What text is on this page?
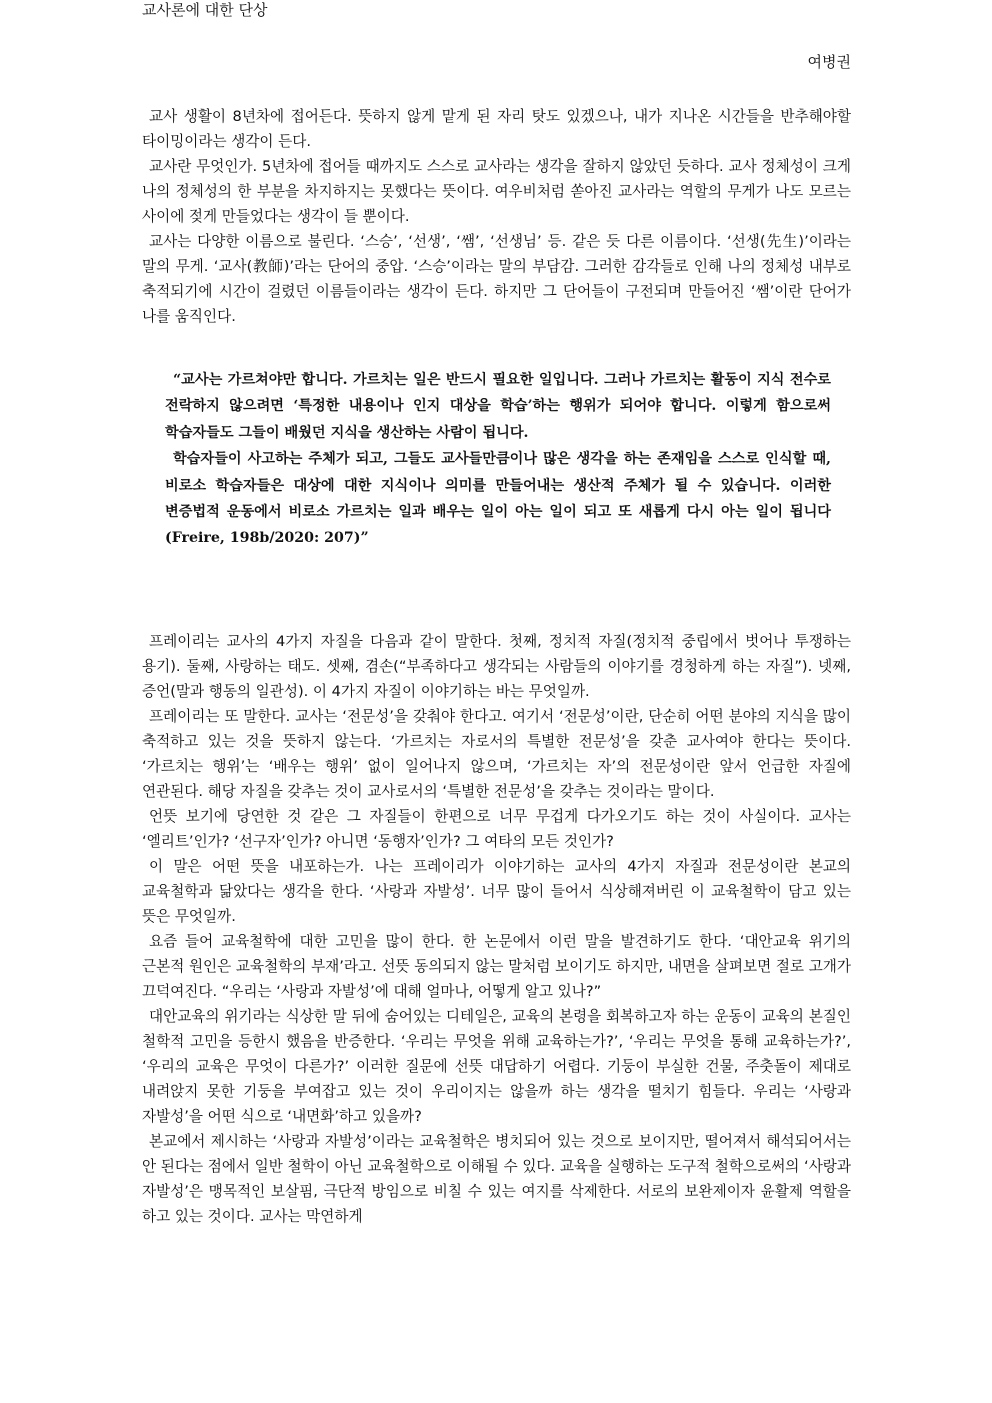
교사론에 대한 단상
여병권

교사 생활이 8년차에 접어든다. 뜻하지 않게 맡게 된 자리 탓도 있겠으나, 내가 지나온 시간들을 반추해야할 타이밍이라는 생각이 든다.

교사란 무엇인가. 5년차에 접어들 때까지도 스스로 교사라는 생각을 잘하지 않았던 듯하다. 교사 정체성이 크게 나의 정체성의 한 부분을 차지하지는 못했다는 뜻이다. 여우비처럼 쏟아진 교사라는 역할의 무게가 나도 모르는 사이에 젖게 만들었다는 생각이 들 뿐이다.

교사는 다양한 이름으로 불린다. ‘스승’, ‘선생’, ‘쌤’, ‘선생님’ 등. 같은 듯 다른 이름이다. ‘선생(先生)’이라는 말의 무게. ‘교사(教師)’라는 단어의 중압. ‘스승’이라는 말의 부담감. 그러한 감각들로 인해 나의 정체성 내부로 축적되기에 시간이 걸렸던 이름들이라는 생각이 든다. 하지만 그 단어들이 구전되며 만들어진 ‘쌤’이란 단어가 나를 움직인다.

“교사는 가르쳐야만 합니다. 가르치는 일은 반드시 필요한 일입니다. 그러나 가르치는 활동이 지식 전수로 전락하지 않으려면 ‘특정한 내용이나 인지 대상을 학습’하는 행위가 되어야 합니다. 이렇게 함으로써 학습자들도 그들이 배웠던 지식을 생산하는 사람이 됩니다.

학습자들이 사고하는 주체가 되고, 그들도 교사들만큼이나 많은 생각을 하는 존재임을 스스로 인식할 때, 비로소 학습자들은 대상에 대한 지식이나 의미를 만들어내는 생산적 주체가 될 수 있습니다. 이러한 변증법적 운동에서 비로소 가르치는 일과 배우는 일이 아는 일이 되고 또 새롭게 다시 아는 일이 됩니다(Freire, 198b/2020: 207)”

프레이리는 교사의 4가지 자질을 다음과 같이 말한다. 첫째, 정치적 자질(정치적 중립에서 벗어나 투쟁하는 용기). 둘째, 사랑하는 태도. 셋째, 겸손(“부족하다고 생각되는 사람들의 이야기를 경청하게 하는 자질”). 넷째, 증언(말과 행동의 일관성). 이 4가지 자질이 이야기하는 바는 무엇일까.

프레이리는 또 말한다. 교사는 ‘전문성’을 갖춰야 한다고. 여기서 ‘전문성’이란, 단순히 어떤 분야의 지식을 많이 축적하고 있는 것을 뜻하지 않는다. ‘가르치는 자로서의 특별한 전문성’을 갖춘 교사여야 한다는 뜻이다. ‘가르치는 행위’는 ‘배우는 행위’ 없이 일어나지 않으며, ‘가르치는 자’의 전문성이란 앞서 언급한 자질에 연관된다. 해당 자질을 갖추는 것이 교사로서의 ‘특별한 전문성’을 갖추는 것이라는 말이다.

언뜻 보기에 당연한 것 같은 그 자질들이 한편으로 너무 무겁게 다가오기도 하는 것이 사실이다. 교사는 ‘엘리트’인가? ‘선구자’인가? 아니면 ‘동행자’인가? 그 여타의 모든 것인가?

이 말은 어떤 뜻을 내포하는가. 나는 프레이리가 이야기하는 교사의 4가지 자질과 전문성이란 본교의 교육철학과 닮았다는 생각을 한다. ‘사랑과 자발성’. 너무 많이 들어서 식상해져버린 이 교육철학이 담고 있는 뜻은 무엇일까.

요즘 들어 교육철학에 대한 고민을 많이 한다. 한 논문에서 이런 말을 발견하기도 한다. ‘대안교육 위기의 근본적 원인은 교육철학의 부재’라고. 선뜻 동의되지 않는 말처럼 보이기도 하지만, 내면을 살펴보면 절로 고개가 끄덕여진다. “우리는 ‘사랑과 자발성’에 대해 얼마나, 어떻게 알고 있나?”

대안교육의 위기라는 식상한 말 뒤에 숨어있는 디테일은, 교육의 본령을 회복하고자 하는 운동이 교육의 본질인 철학적 고민을 등한시 했음을 반증한다. ‘우리는 무엇을 위해 교육하는가?’, ‘우리는 무엇을 통해 교육하는가?’, ‘우리의 교육은 무엇이 다른가?’ 이러한 질문에 선뜻 대답하기 어렵다. 기둥이 부실한 건물, 주춧돌이 제대로 내려앉지 못한 기둥을 부여잡고 있는 것이 우리이지는 않을까 하는 생각을 떨치기 힘들다. 우리는 ‘사랑과 자발성’을 어떤 식으로 ‘내면화’하고 있을까?

본교에서 제시하는 ‘사랑과 자발성’이라는 교육철학은 병치되어 있는 것으로 보이지만, 떨어져서 해석되어서는 안 된다는 점에서 일반 철학이 아닌 교육철학으로 이해될 수 있다. 교육을 실행하는 도구적 철학으로써의 ‘사랑과 자발성’은 맹목적인 보살핌, 극단적 방임으로 비칠 수 있는 여지를 삭제한다. 서로의 보완제이자 윤활제 역할을 하고 있는 것이다. 교사는 막연하게
